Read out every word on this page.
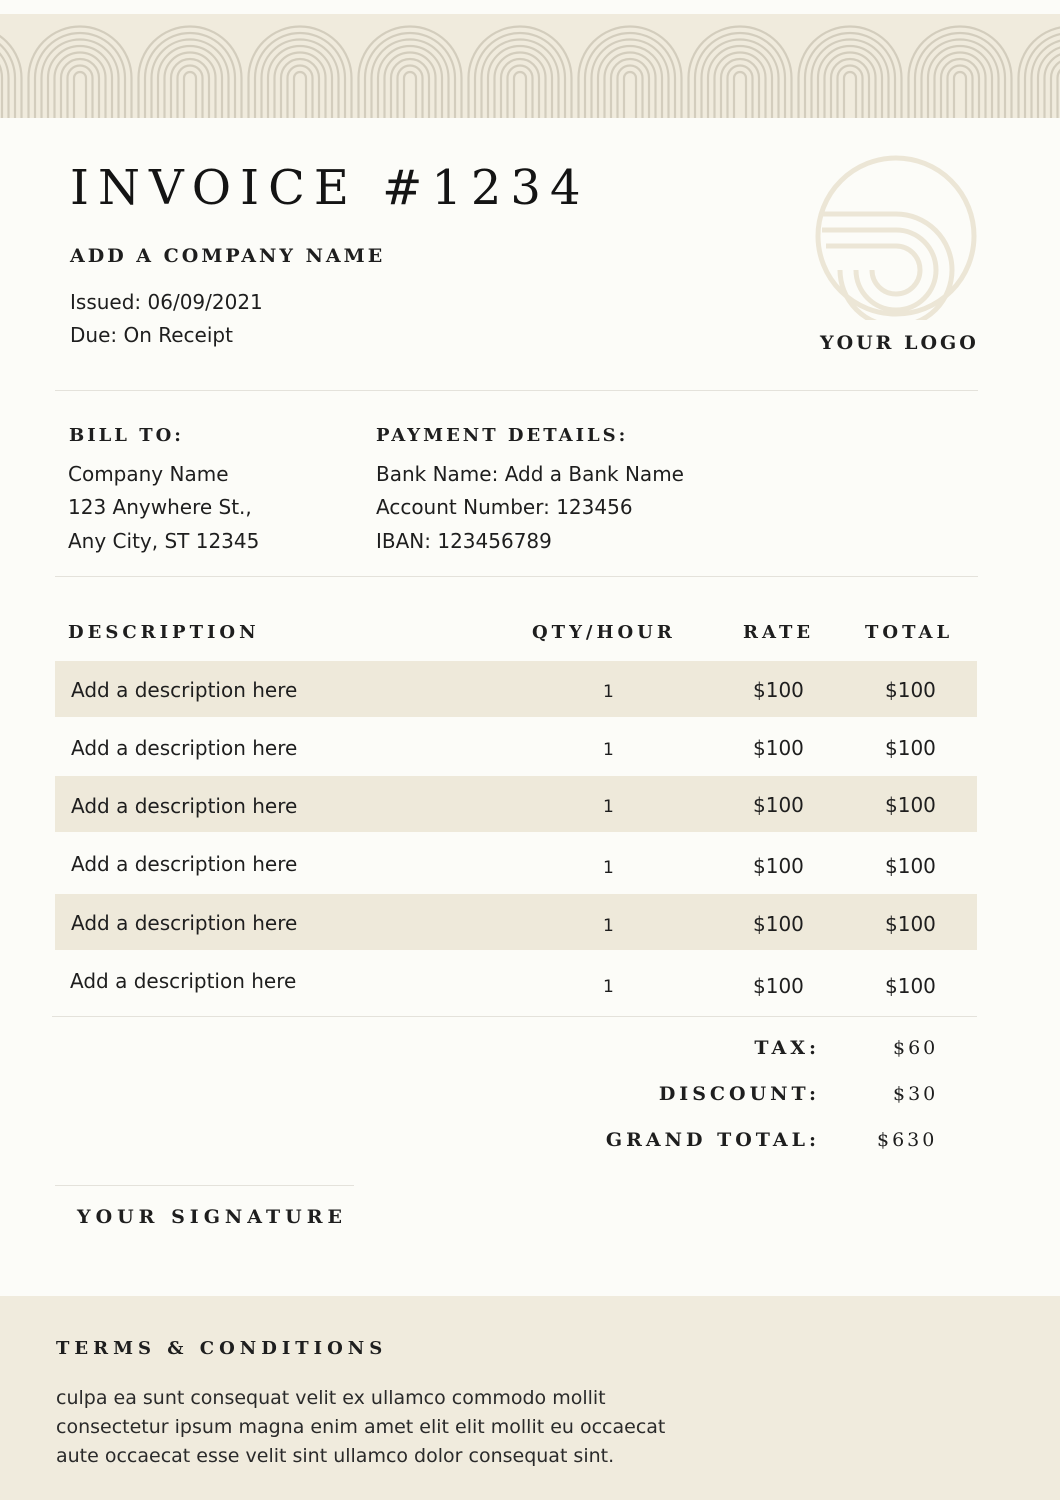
INVOICE #1234
ADD A COMPANY NAME
Issued: 06/09/2021
Due: On Receipt	YOUR LOGO
BILL TO:
Company Name
123 Anywhere St.,
Any City, ST 12345
PAYMENT DETAILS:
Bank Name: Add a Bank Name
Account Number: 123456
IBAN: 123456789
DESCRIPTION	QTY/HOUR	RATE	TOTAL
Add a description here	1	$100	$100
Add a description here	1	$100	$100
Add a description here	1	$100	$100
Add a description here	1	$100	$100
Add a description here	1	$100	$100
Add a description here	1	$100	$100
TAX:	$60
DISCOUNT:	$30
GRAND TOTAL:	$630
YOUR SIGNATURE
TERMS & CONDITIONS
culpa ea sunt consequat velit ex ullamco commodo mollit
consectetur ipsum magna enim amet elit elit mollit eu occaecat
aute occaecat esse velit sint ullamco dolor consequat sint.
